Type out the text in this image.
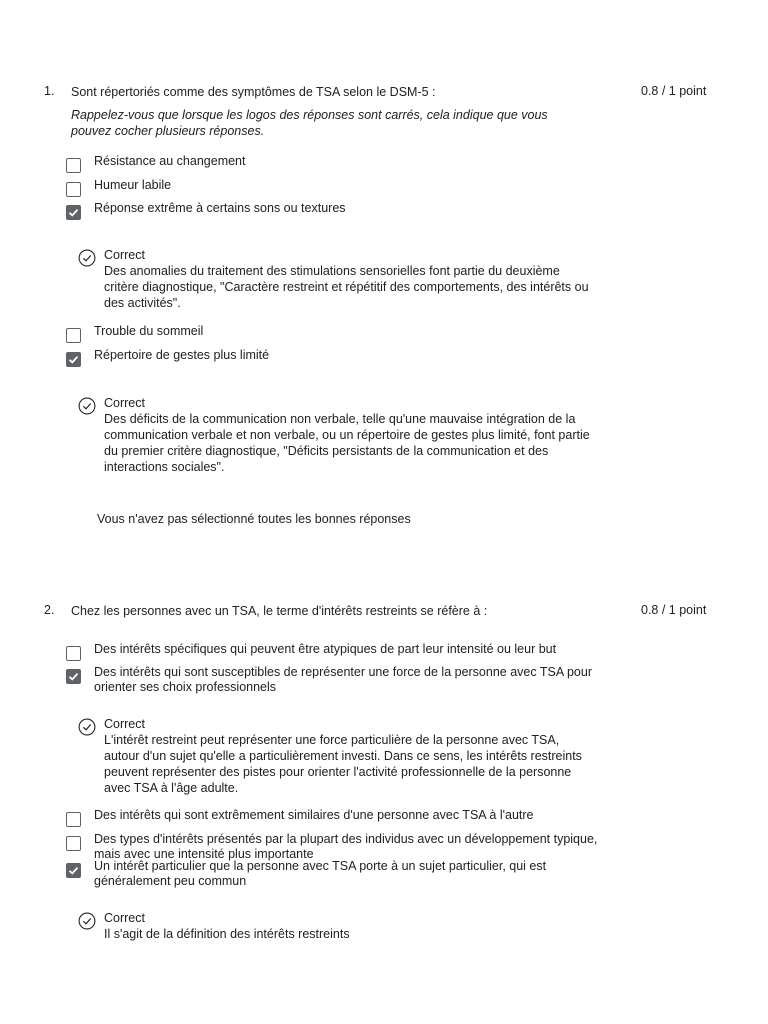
1. Sont répertoriés comme des symptômes de TSA selon le DSM-5 :	0.8 / 1 point
Rappelez-vous que lorsque les logos des réponses sont carrés, cela indique que vous pouvez cocher plusieurs réponses.
Résistance au changement
Humeur labile
Réponse extrême à certains sons ou textures
Correct
Des anomalies du traitement des stimulations sensorielles font partie du deuxième critère diagnostique, "Caractère restreint et répétitif des comportements, des intérêts ou des activités".
Trouble du sommeil
Répertoire de gestes plus limité
Correct
Des déficits de la communication non verbale, telle qu'une mauvaise intégration de la communication verbale et non verbale, ou un répertoire de gestes plus limité, font partie du premier critère diagnostique, "Déficits persistants de la communication et des interactions sociales".
Vous n'avez pas sélectionné toutes les bonnes réponses
2. Chez les personnes avec un TSA, le terme d'intérêts restreints se réfère à :	0.8 / 1 point
Des intérêts spécifiques qui peuvent être atypiques de part leur intensité ou leur but
Des intérêts qui sont susceptibles de représenter une force de la personne avec TSA pour orienter ses choix professionnels
Correct
L'intérêt restreint peut représenter une force particulière de la personne avec TSA, autour d'un sujet qu'elle a particulièrement investi. Dans ce sens, les intérêts restreints peuvent représenter des pistes pour orienter l'activité professionnelle de la personne avec TSA à l'âge adulte.
Des intérêts qui sont extrêmement similaires d'une personne avec TSA à l'autre
Des types d'intérêts présentés par la plupart des individus avec un développement typique, mais avec une intensité plus importante
Un intérêt particulier que la personne avec TSA porte à un sujet particulier, qui est généralement peu commun
Correct
Il s'agit de la définition des intérêts restreints
